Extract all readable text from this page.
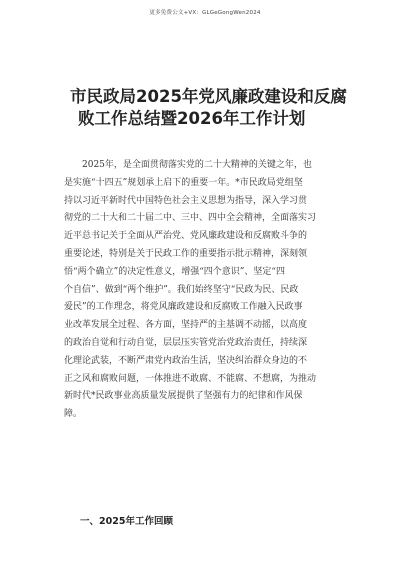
更多免费公文+VX：GLGeGongWen2024
市民政局2025年党风廉政建设和反腐
败工作总结暨2026年工作计划
2025年，是全面贯彻落实党的二十大精神的关键之年，也
是实施“十四五”规划承上启下的重要一年。*市民政局党组坚
持以习近平新时代中国特色社会主义思想为指导，深入学习贯
彻党的二十大和二十届二中、三中、四中全会精神，全面落实习
近平总书记关于全面从严治党、党风廉政建设和反腐败斗争的
重要论述，特别是关于民政工作的重要指示批示精神，深刻领
悟“两个确立”的决定性意义，增强“四个意识”、坚定“四
个自信”、做到“两个维护”。我们始终坚守“民政为民、民政
爱民”的工作理念，将党风廉政建设和反腐败工作融入民政事
业改革发展全过程、各方面，坚持严的主基调不动摇，以高度
的政治自觉和行动自觉，层层压实管党治党政治责任，持续深
化理论武装，不断严肃党内政治生活，坚决纠治群众身边的不
正之风和腐败问题，一体推进不敢腐、不能腐、不想腐，为推动
新时代*民政事业高质量发展提供了坚强有力的纪律和作风保
障。
一、2025年工作回顾
